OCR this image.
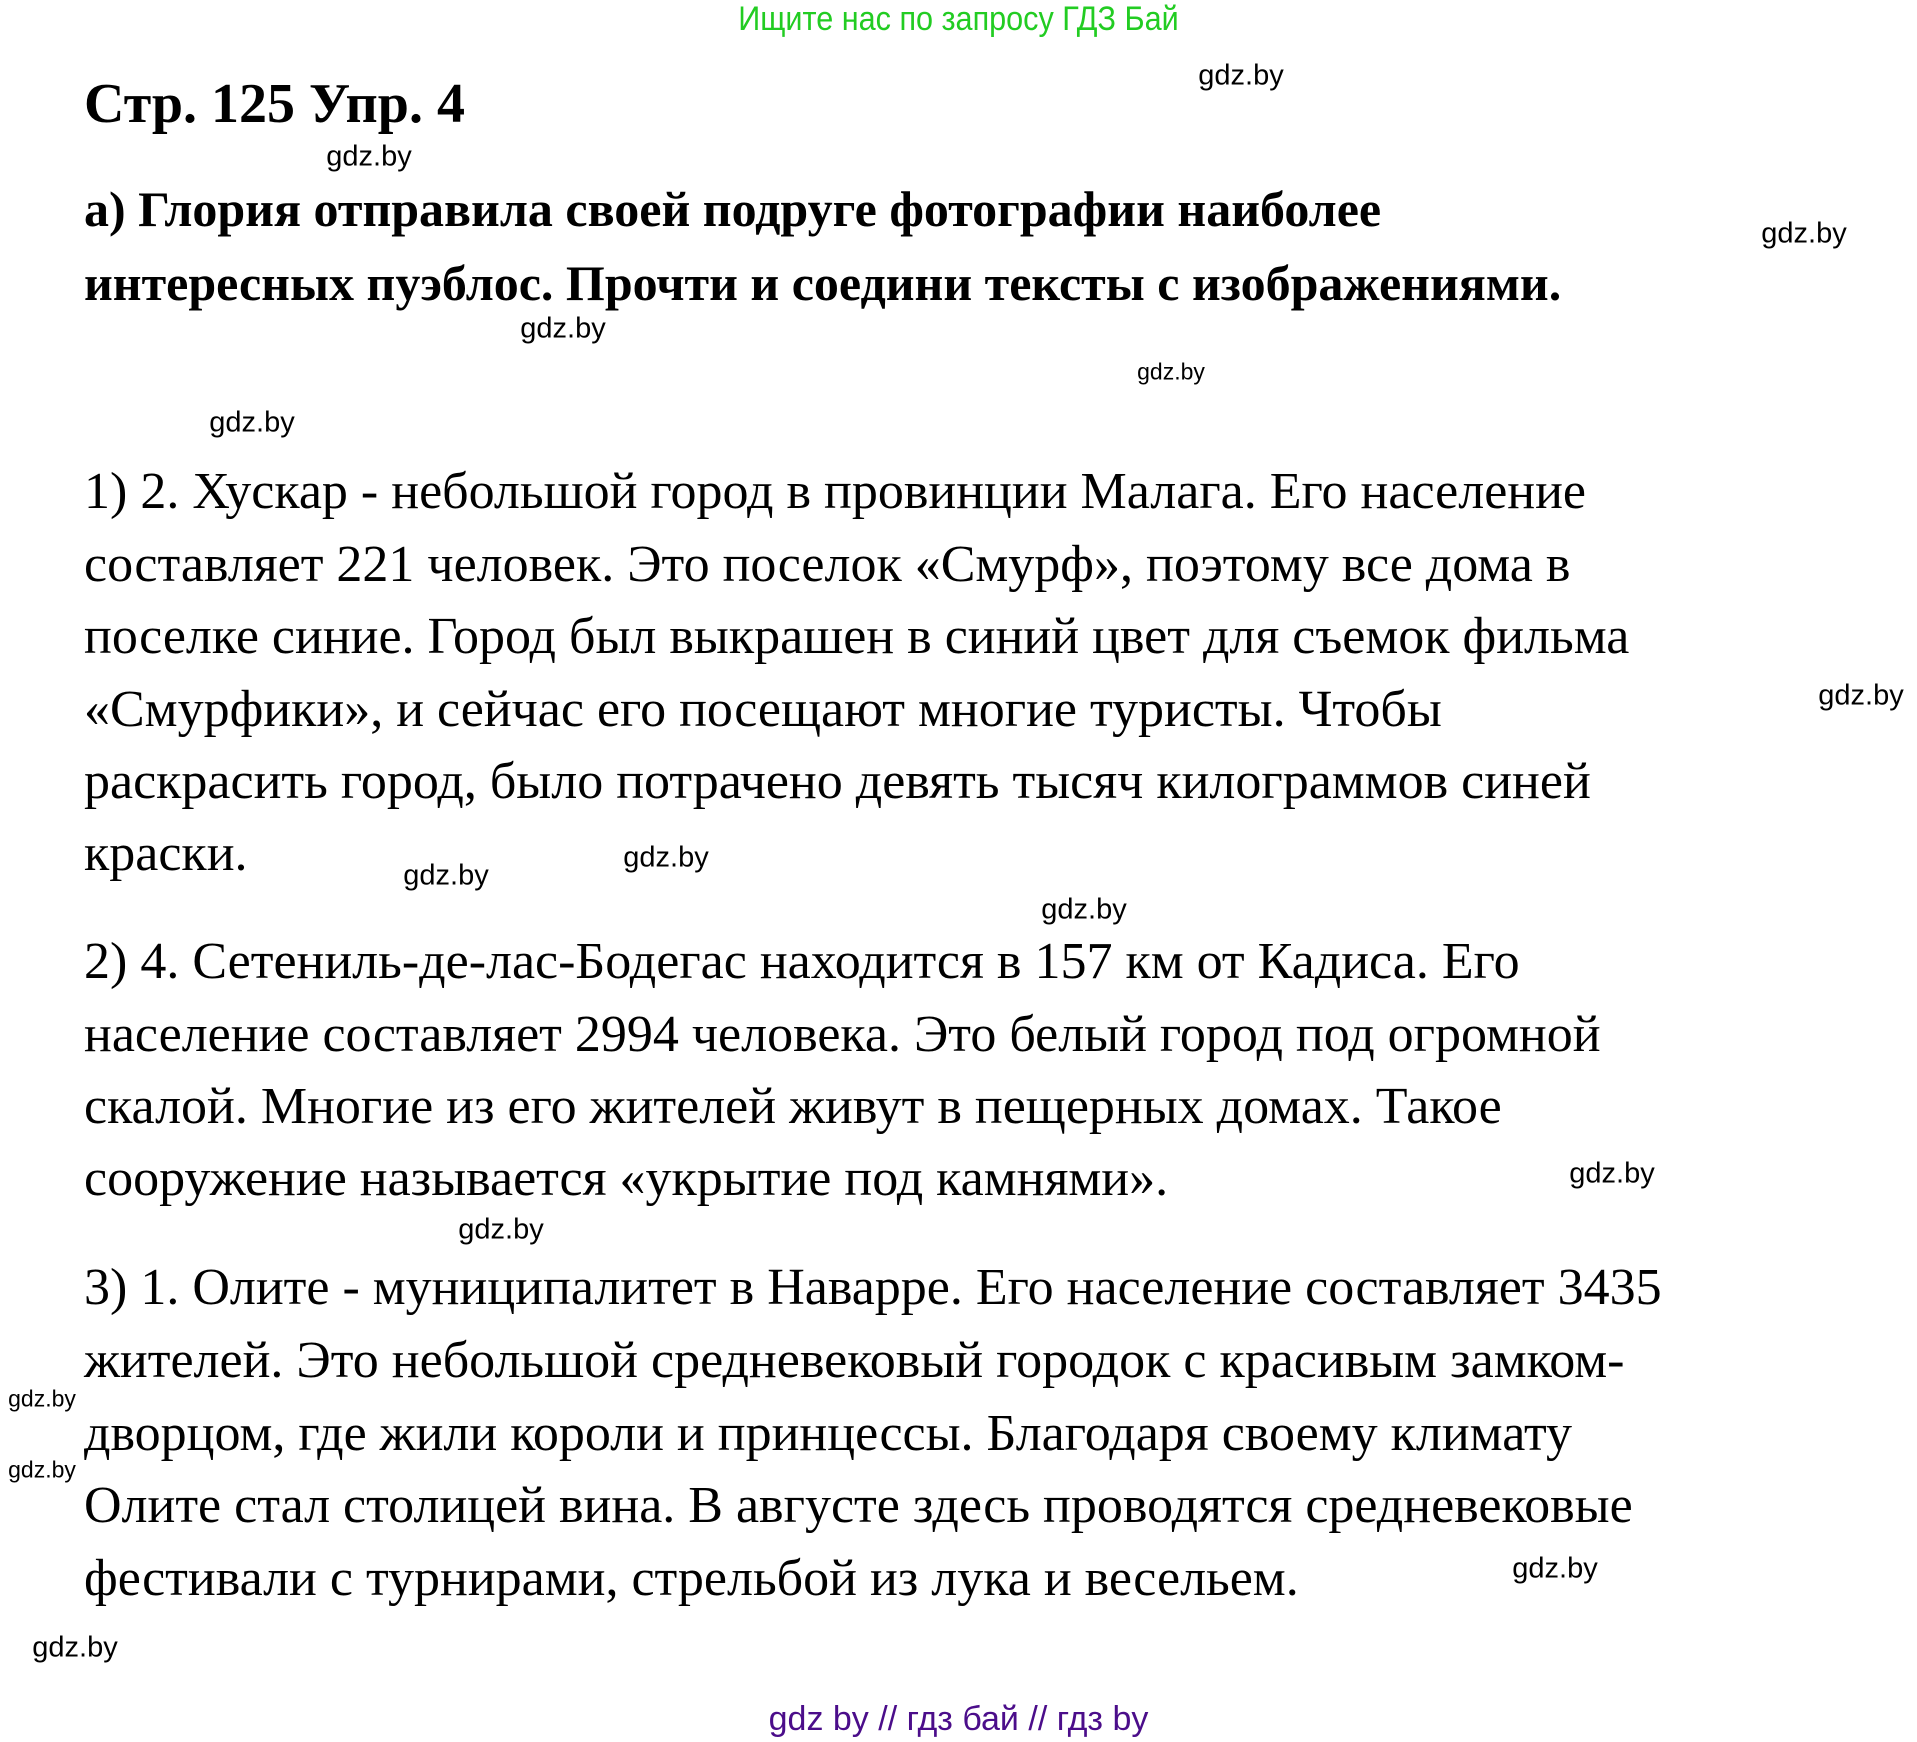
Ищите нас по запросу ГДЗ Бай
Стр. 125 Упр. 4
а) Глория отправила своей подруге фотографии наиболее
интересных пуэблос. Прочти и соедини тексты с изображениями.
1) 2. Хускар - небольшой город в провинции Малага. Его население
составляет 221 человек. Это поселок «Смурф», поэтому все дома в
поселке синие. Город был выкрашен в синий цвет для съемок фильма
«Смурфики», и сейчас его посещают многие туристы. Чтобы
раскрасить город, было потрачено девять тысяч килограммов синей
краски.
2) 4. Сетениль-де-лас-Бодегас находится в 157 км от Кадиса. Его
население составляет 2994 человека. Это белый город под огромной
скалой. Многие из его жителей живут в пещерных домах. Такое
сооружение называется «укрытие под камнями».
3) 1. Олите - муниципалитет в Наварре. Его население составляет 3435
жителей. Это небольшой средневековый городок с красивым замком-
дворцом, где жили короли и принцессы. Благодаря своему климату
Олите стал столицей вина. В августе здесь проводятся средневековые
фестивали с турнирами, стрельбой из лука и весельем.
gdz.by
gdz.by
gdz.by
gdz.by
gdz.by
gdz.by
gdz.by
gdz.by
gdz.by
gdz.by
gdz.by
gdz.by
gdz.by
gdz.by
gdz.by
gdz.by
gdz by // гдз бай // гдз by
